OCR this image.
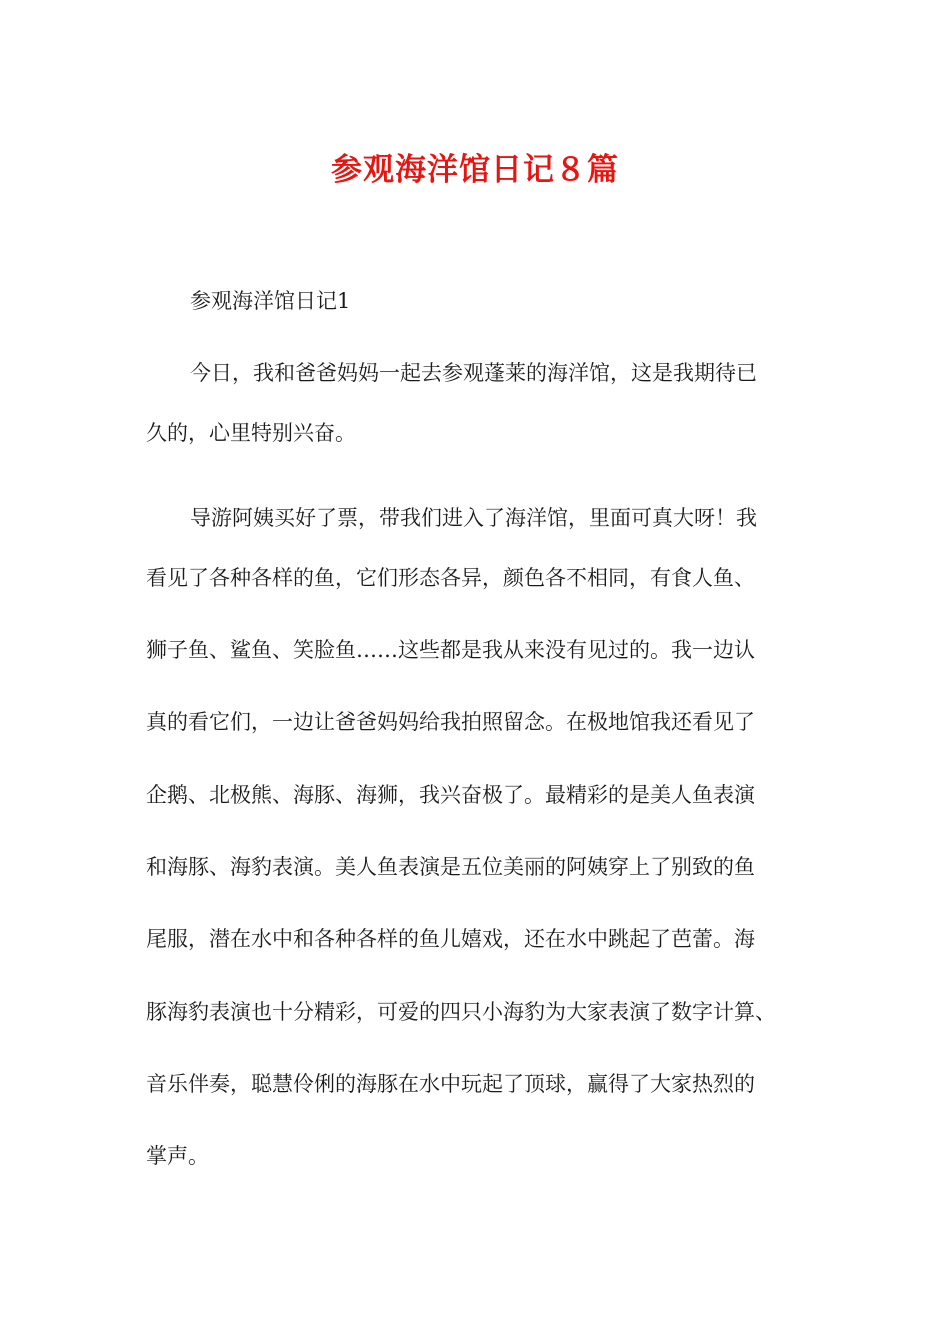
参观海洋馆日记８篇

参观海洋馆日记1

今日，我和爸爸妈妈一起去参观蓬莱的海洋馆，这是我期待已
久的，心里特别兴奋。

导游阿姨买好了票，带我们进入了海洋馆，里面可真大呀！我
看见了各种各样的鱼，它们形态各异，颜色各不相同，有食人鱼、
狮子鱼、鲨鱼、笑脸鱼……这些都是我从来没有见过的。我一边认
真的看它们，一边让爸爸妈妈给我拍照留念。在极地馆我还看见了
企鹅、北极熊、海豚、海狮，我兴奋极了。最精彩的是美人鱼表演
和海豚、海豹表演。美人鱼表演是五位美丽的阿姨穿上了别致的鱼
尾服，潜在水中和各种各样的鱼儿嬉戏，还在水中跳起了芭蕾。海
豚海豹表演也十分精彩，可爱的四只小海豹为大家表演了数字计算、
音乐伴奏，聪慧伶俐的海豚在水中玩起了顶球，赢得了大家热烈的
掌声。
